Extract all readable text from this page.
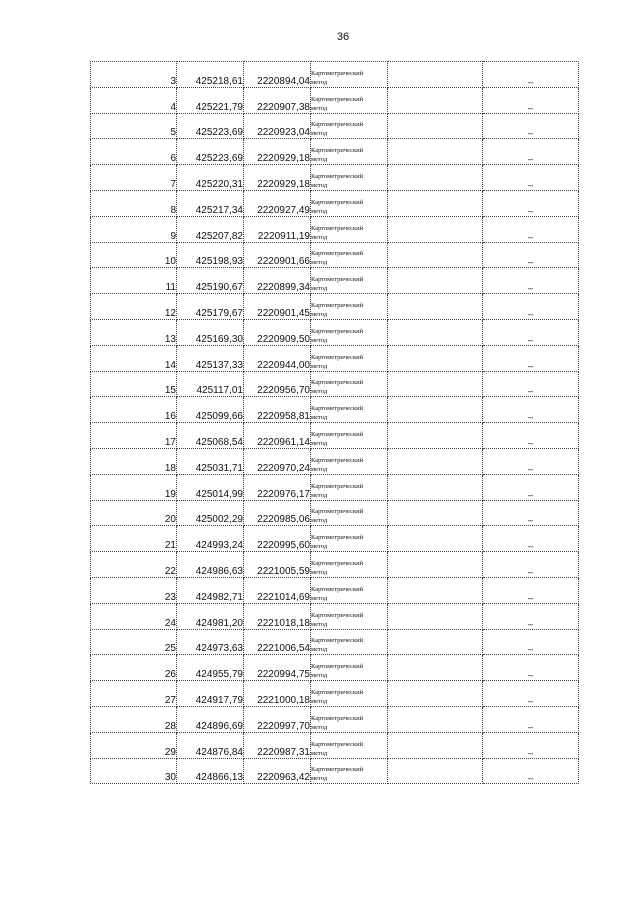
36
3	425218,61	2220894,04	Картометрический
метод		–
4	425221,79	2220907,38	Картометрический
метод		–
5	425223,69	2220923,04	Картометрический
метод		–
6	425223,69	2220929,18	Картометрический
метод		–
7	425220,31	2220929,18	Картометрический
метод		–
8	425217,34	2220927,49	Картометрический
метод		–
9	425207,82	2220911,19	Картометрический
метод		–
10	425198,93	2220901,66	Картометрический
метод		–
11	425190,67	2220899,34	Картометрический
метод		–
12	425179,67	2220901,45	Картометрический
метод		–
13	425169,30	2220909,50	Картометрический
метод		–
14	425137,33	2220944,00	Картометрический
метод		–
15	425117,01	2220956,70	Картометрический
метод		–
16	425099,66	2220958,81	Картометрический
метод		–
17	425068,54	2220961,14	Картометрический
метод		–
18	425031,71	2220970,24	Картометрический
метод		–
19	425014,99	2220976,17	Картометрический
метод		–
20	425002,29	2220985,06	Картометрический
метод		–
21	424993,24	2220995,60	Картометрический
метод		–
22	424986,63	2221005,59	Картометрический
метод		–
23	424982,71	2221014,69	Картометрический
метод		–
24	424981,20	2221018,18	Картометрический
метод		–
25	424973,63	2221006,54	Картометрический
метод		–
26	424955,79	2220994,75	Картометрический
метод		–
27	424917,79	2221000,18	Картометрический
метод		–
28	424896,69	2220997,70	Картометрический
метод		–
29	424876,84	2220987,31	Картометрический
метод		–
30	424866,13	2220963,42	Картометрический
метод		–
